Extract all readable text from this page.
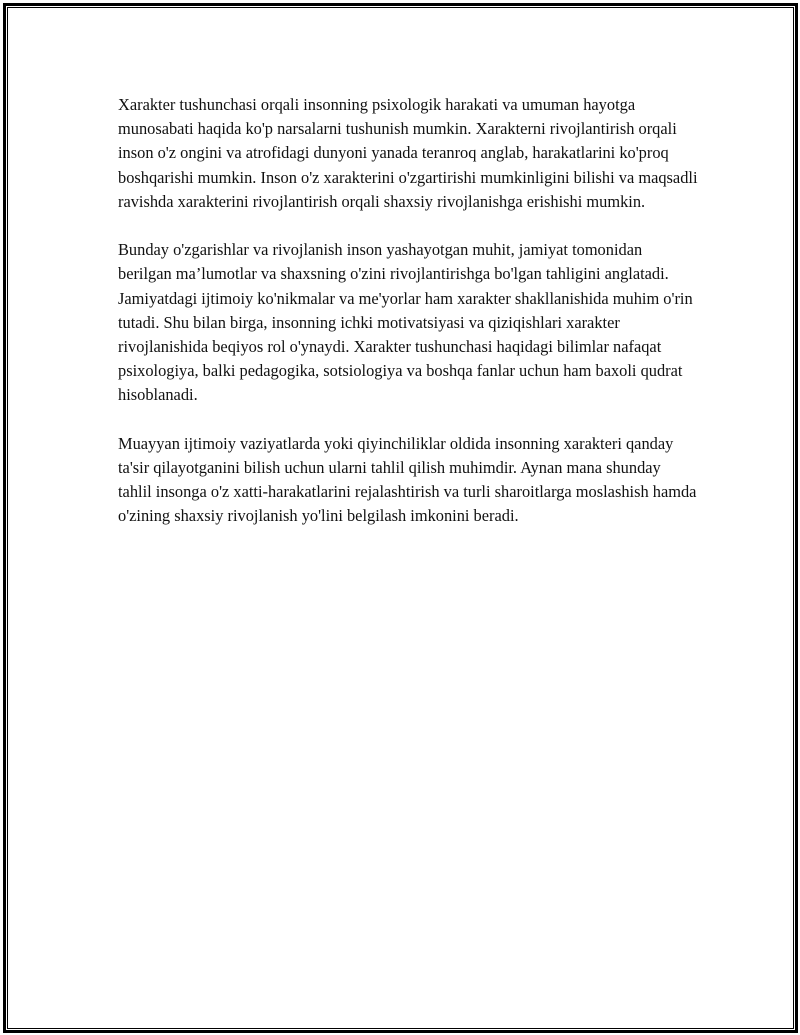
Xarakter tushunchasi orqali insonning psixologik harakati va umuman hayotga munosabati haqida ko'p narsalarni tushunish mumkin. Xarakterni rivojlantirish orqali inson o'z ongini va atrofidagi dunyoni yanada teranroq anglab, harakatlarini ko'proq boshqarishi mumkin. Inson o'z xarakterini o'zgartirishi mumkinligini bilishi va maqsadli ravishda xarakterini rivojlantirish orqali shaxsiy rivojlanishga erishishi mumkin.

Bunday o'zgarishlar va rivojlanish inson yashayotgan muhit, jamiyat tomonidan berilgan ma’lumotlar va shaxsning o'zini rivojlantirishga bo'lgan tahligini anglatadi. Jamiyatdagi ijtimoiy ko'nikmalar va me'yorlar ham xarakter shakllanishida muhim o'rin tutadi. Shu bilan birga, insonning ichki motivatsiyasi va qiziqishlari xarakter rivojlanishida beqiyos rol o'ynaydi. Xarakter tushunchasi haqidagi bilimlar nafaqat psixologiya, balki pedagogika, sotsiologiya va boshqa fanlar uchun ham baxoli qudrat hisoblanadi.

Muayyan ijtimoiy vaziyatlarda yoki qiyinchiliklar oldida insonning xarakteri qanday ta'sir qilayotganini bilish uchun ularni tahlil qilish muhimdir. Aynan mana shunday tahlil insonga o'z xatti-harakatlarini rejalashtirish va turli sharoitlarga moslashish hamda o'zining shaxsiy rivojlanish yo'lini belgilash imkonini beradi.
